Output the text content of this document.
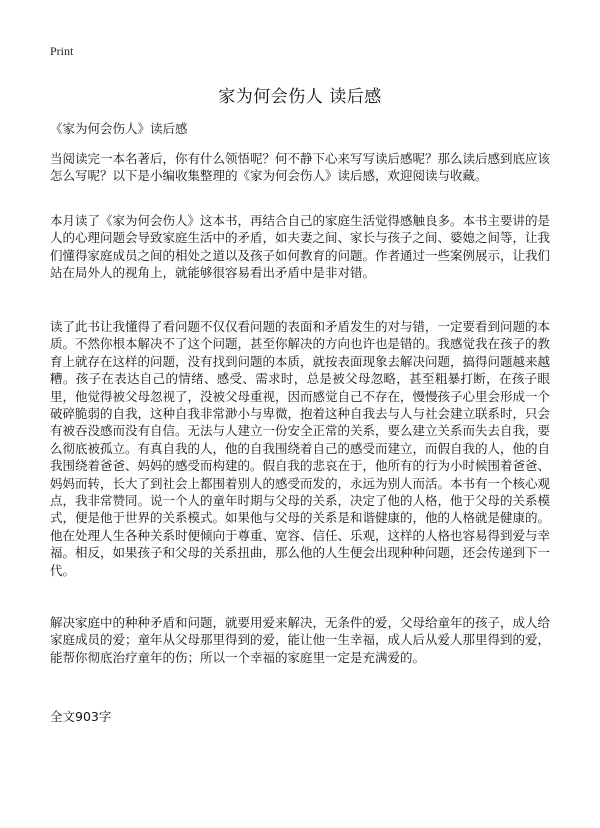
Print
家为何会伤人 读后感

《家为何会伤人》读后感

当阅读完一本名著后，你有什么领悟呢？何不静下心来写写读后感呢？那么读后感到底应该怎么写呢？以下是小编收集整理的《家为何会伤人》读后感，欢迎阅读与收藏。

本月读了《家为何会伤人》这本书，再结合自己的家庭生活觉得感触良多。本书主要讲的是人的心理问题会导致家庭生活中的矛盾，如夫妻之间、家长与孩子之间、婆媳之间等，让我们懂得家庭成员之间的相处之道以及孩子如何教育的问题。作者通过一些案例展示，让我们站在局外人的视角上，就能够很容易看出矛盾中是非对错。

读了此书让我懂得了看问题不仅仅看问题的表面和矛盾发生的对与错，一定要看到问题的本质。不然你根本解决不了这个问题，甚至你解决的方向也许也是错的。我感觉我在孩子的教育上就存在这样的问题，没有找到问题的本质，就按表面现象去解决问题，搞得问题越来越糟。孩子在表达自己的情绪、感受、需求时，总是被父母忽略，甚至粗暴打断，在孩子眼里，他觉得被父母忽视了，没被父母重视，因而感觉自己不存在，慢慢孩子心里会形成一个破碎脆弱的自我，这种自我非常渺小与卑微，抱着这种自我去与人与社会建立联系时，只会有被吞没感而没有自信。无法与人建立一份安全正常的关系，要么建立关系而失去自我，要么彻底被孤立。有真自我的人，他的自我围绕着自己的感受而建立，而假自我的人，他的自我围绕着爸爸、妈妈的感受而构建的。假自我的悲哀在于，他所有的行为小时候围着爸爸、妈妈而转，长大了到社会上都围着别人的感受而发的，永远为别人而活。本书有一个核心观点，我非常赞同。说一个人的童年时期与父母的关系，决定了他的人格，他于父母的关系模式，便是他于世界的关系模式。如果他与父母的关系是和谐健康的，他的人格就是健康的。他在处理人生各种关系时便倾向于尊重、宽容、信任、乐观，这样的人格也容易得到爱与幸福。相反，如果孩子和父母的关系扭曲，那么他的人生便会出现种种问题，还会传递到下一代。

解决家庭中的种种矛盾和问题，就要用爱来解决，无条件的爱，父母给童年的孩子，成人给家庭成员的爱；童年从父母那里得到的爱，能让他一生幸福，成人后从爱人那里得到的爱，能帮你彻底治疗童年的伤；所以一个幸福的家庭里一定是充满爱的。

全文903字
